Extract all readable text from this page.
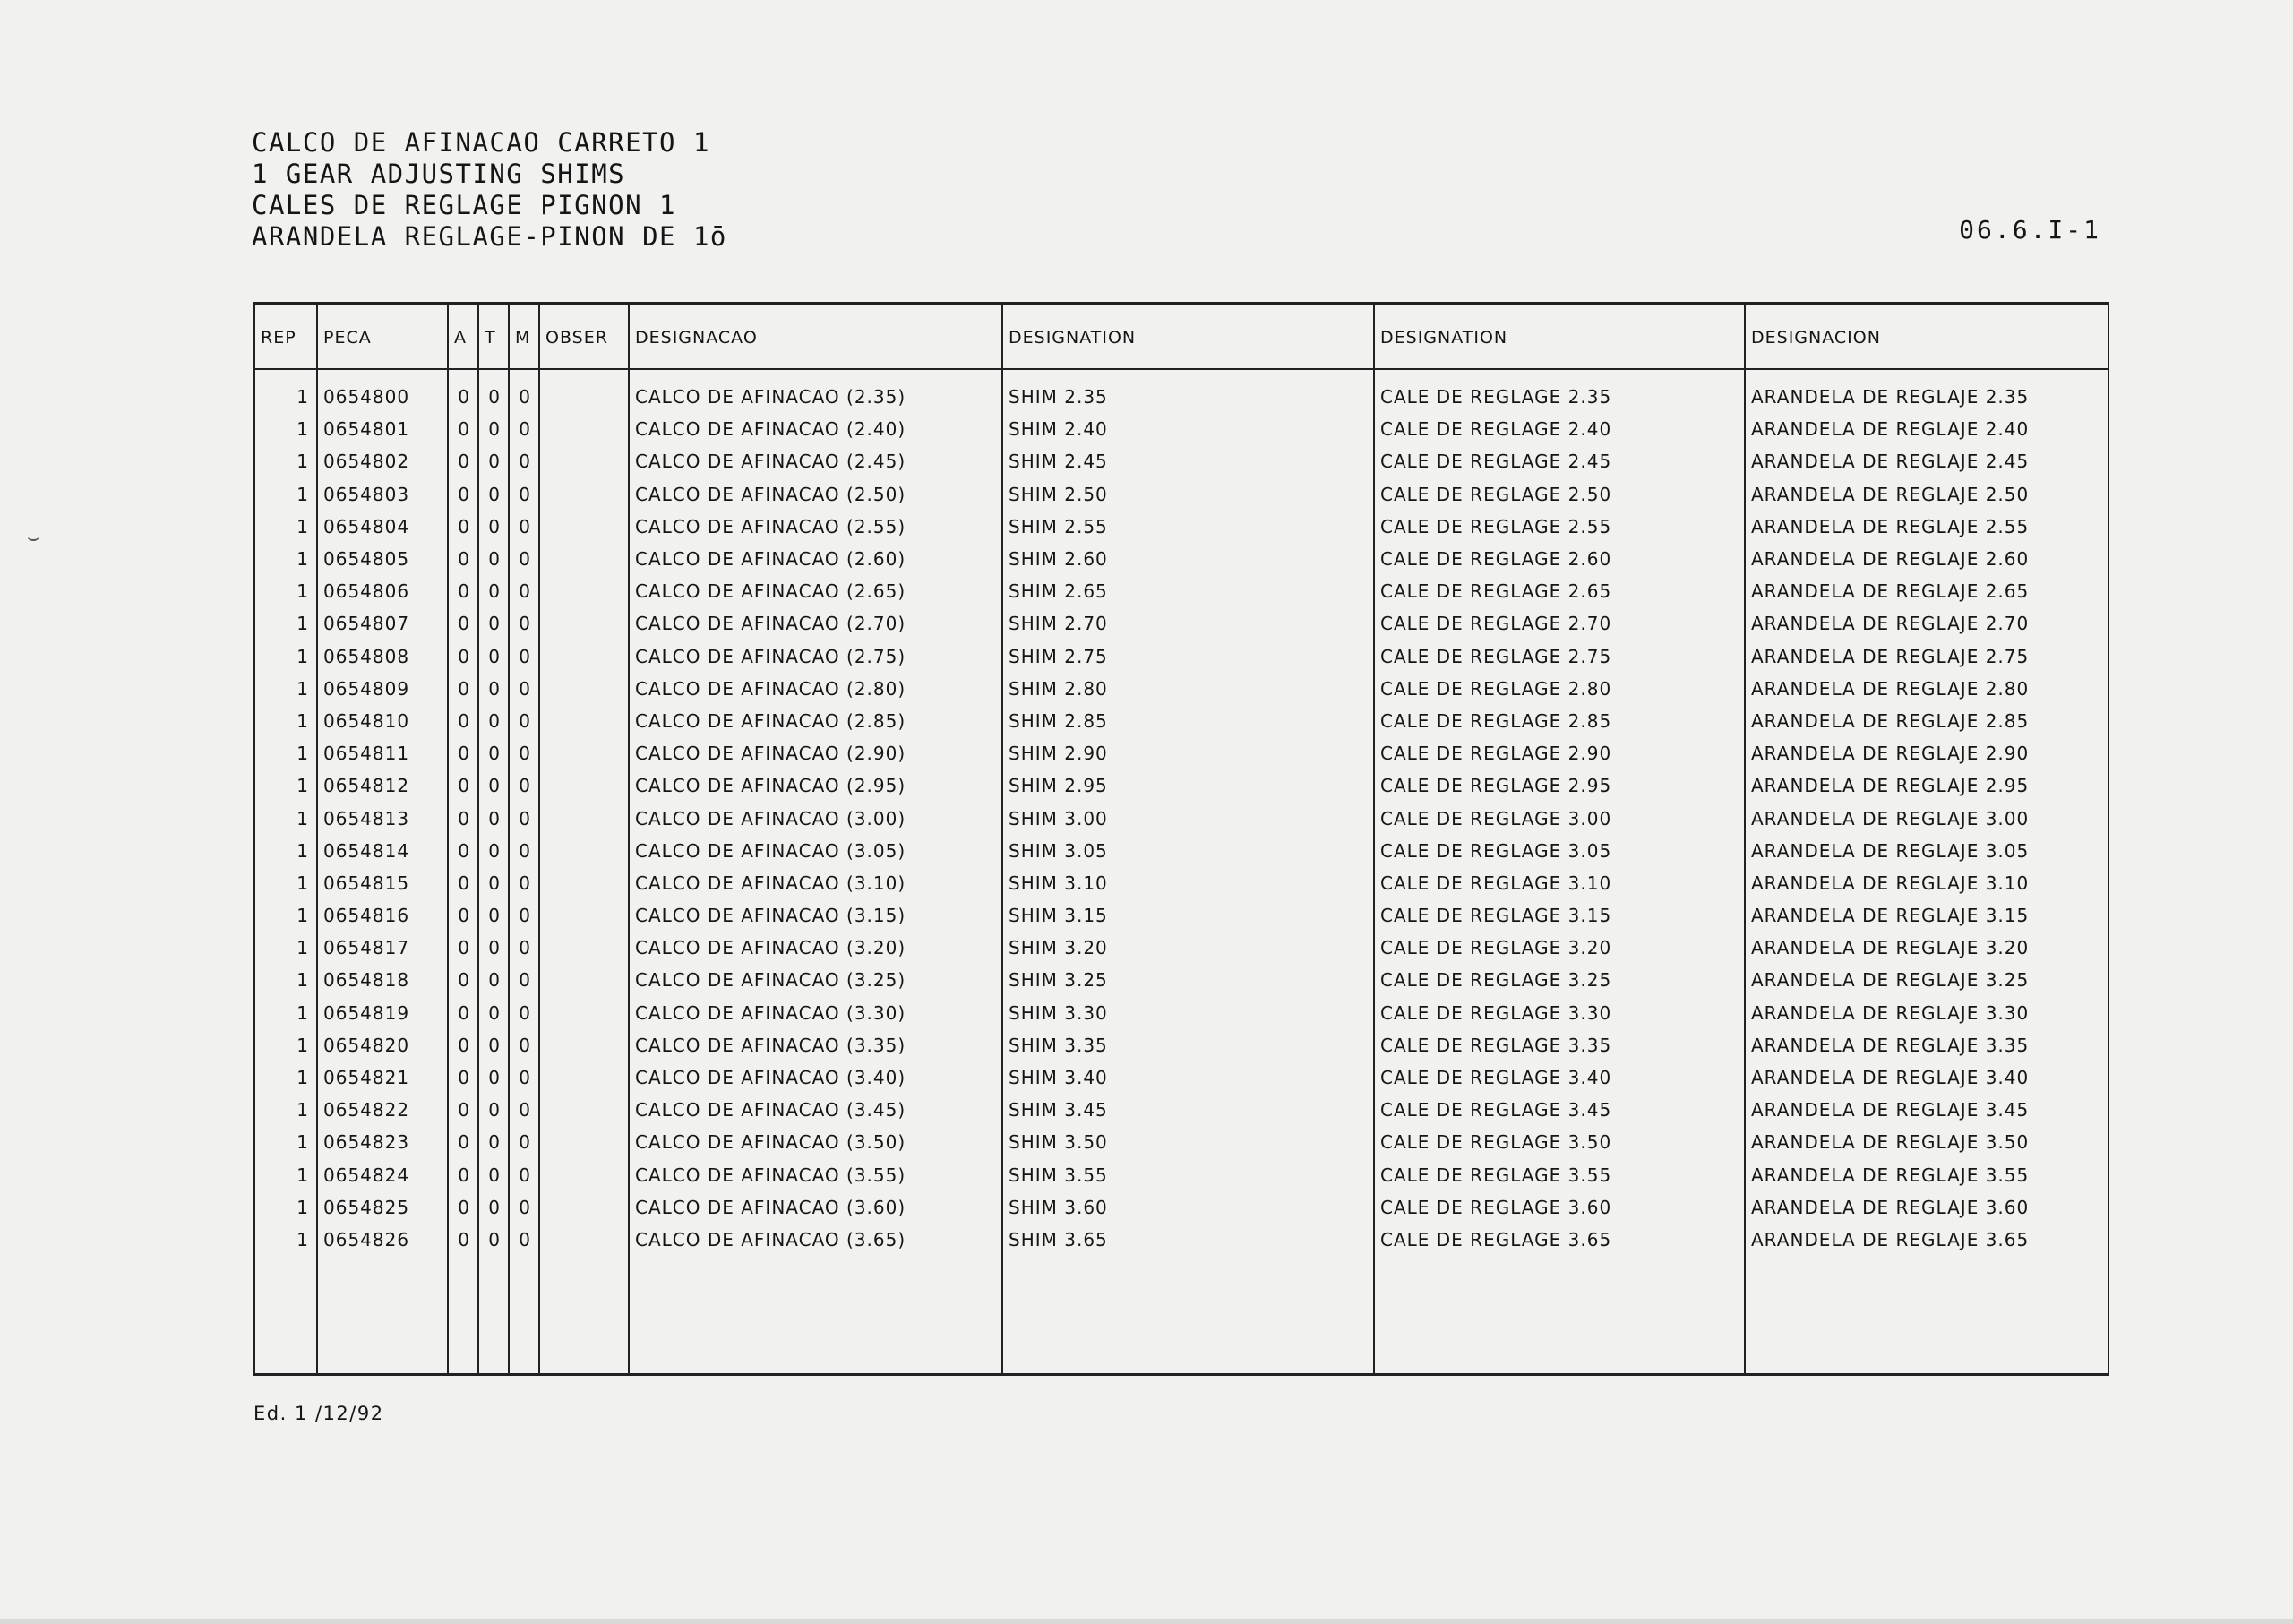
CALCO DE AFINACAO CARRETO 1
1 GEAR ADJUSTING SHIMS
CALES DE REGLAGE PIGNON 1
ARANDELA REGLAGE-PINON DE 1ō	06.6.I-1
REP	PECA	A	T	M	OBSER	DESIGNACAO	DESIGNATION	DESIGNATION	DESIGNACION
1	0654800	0	0	0		CALCO DE AFINACAO (2.35)	SHIM 2.35	CALE DE REGLAGE 2.35	ARANDELA DE REGLAJE 2.35
1	0654801	0	0	0		CALCO DE AFINACAO (2.40)	SHIM 2.40	CALE DE REGLAGE 2.40	ARANDELA DE REGLAJE 2.40
1	0654802	0	0	0		CALCO DE AFINACAO (2.45)	SHIM 2.45	CALE DE REGLAGE 2.45	ARANDELA DE REGLAJE 2.45
1	0654803	0	0	0		CALCO DE AFINACAO (2.50)	SHIM 2.50	CALE DE REGLAGE 2.50	ARANDELA DE REGLAJE 2.50
1	0654804	0	0	0		CALCO DE AFINACAO (2.55)	SHIM 2.55	CALE DE REGLAGE 2.55	ARANDELA DE REGLAJE 2.55
1	0654805	0	0	0		CALCO DE AFINACAO (2.60)	SHIM 2.60	CALE DE REGLAGE 2.60	ARANDELA DE REGLAJE 2.60
1	0654806	0	0	0		CALCO DE AFINACAO (2.65)	SHIM 2.65	CALE DE REGLAGE 2.65	ARANDELA DE REGLAJE 2.65
1	0654807	0	0	0		CALCO DE AFINACAO (2.70)	SHIM 2.70	CALE DE REGLAGE 2.70	ARANDELA DE REGLAJE 2.70
1	0654808	0	0	0		CALCO DE AFINACAO (2.75)	SHIM 2.75	CALE DE REGLAGE 2.75	ARANDELA DE REGLAJE 2.75
1	0654809	0	0	0		CALCO DE AFINACAO (2.80)	SHIM 2.80	CALE DE REGLAGE 2.80	ARANDELA DE REGLAJE 2.80
1	0654810	0	0	0		CALCO DE AFINACAO (2.85)	SHIM 2.85	CALE DE REGLAGE 2.85	ARANDELA DE REGLAJE 2.85
1	0654811	0	0	0		CALCO DE AFINACAO (2.90)	SHIM 2.90	CALE DE REGLAGE 2.90	ARANDELA DE REGLAJE 2.90
1	0654812	0	0	0		CALCO DE AFINACAO (2.95)	SHIM 2.95	CALE DE REGLAGE 2.95	ARANDELA DE REGLAJE 2.95
1	0654813	0	0	0		CALCO DE AFINACAO (3.00)	SHIM 3.00	CALE DE REGLAGE 3.00	ARANDELA DE REGLAJE 3.00
1	0654814	0	0	0		CALCO DE AFINACAO (3.05)	SHIM 3.05	CALE DE REGLAGE 3.05	ARANDELA DE REGLAJE 3.05
1	0654815	0	0	0		CALCO DE AFINACAO (3.10)	SHIM 3.10	CALE DE REGLAGE 3.10	ARANDELA DE REGLAJE 3.10
1	0654816	0	0	0		CALCO DE AFINACAO (3.15)	SHIM 3.15	CALE DE REGLAGE 3.15	ARANDELA DE REGLAJE 3.15
1	0654817	0	0	0		CALCO DE AFINACAO (3.20)	SHIM 3.20	CALE DE REGLAGE 3.20	ARANDELA DE REGLAJE 3.20
1	0654818	0	0	0		CALCO DE AFINACAO (3.25)	SHIM 3.25	CALE DE REGLAGE 3.25	ARANDELA DE REGLAJE 3.25
1	0654819	0	0	0		CALCO DE AFINACAO (3.30)	SHIM 3.30	CALE DE REGLAGE 3.30	ARANDELA DE REGLAJE 3.30
1	0654820	0	0	0		CALCO DE AFINACAO (3.35)	SHIM 3.35	CALE DE REGLAGE 3.35	ARANDELA DE REGLAJE 3.35
1	0654821	0	0	0		CALCO DE AFINACAO (3.40)	SHIM 3.40	CALE DE REGLAGE 3.40	ARANDELA DE REGLAJE 3.40
1	0654822	0	0	0		CALCO DE AFINACAO (3.45)	SHIM 3.45	CALE DE REGLAGE 3.45	ARANDELA DE REGLAJE 3.45
1	0654823	0	0	0		CALCO DE AFINACAO (3.50)	SHIM 3.50	CALE DE REGLAGE 3.50	ARANDELA DE REGLAJE 3.50
1	0654824	0	0	0		CALCO DE AFINACAO (3.55)	SHIM 3.55	CALE DE REGLAGE 3.55	ARANDELA DE REGLAJE 3.55
1	0654825	0	0	0		CALCO DE AFINACAO (3.60)	SHIM 3.60	CALE DE REGLAGE 3.60	ARANDELA DE REGLAJE 3.60
1	0654826	0	0	0		CALCO DE AFINACAO (3.65)	SHIM 3.65	CALE DE REGLAGE 3.65	ARANDELA DE REGLAJE 3.65

Ed. 1 /12/92
⌣
